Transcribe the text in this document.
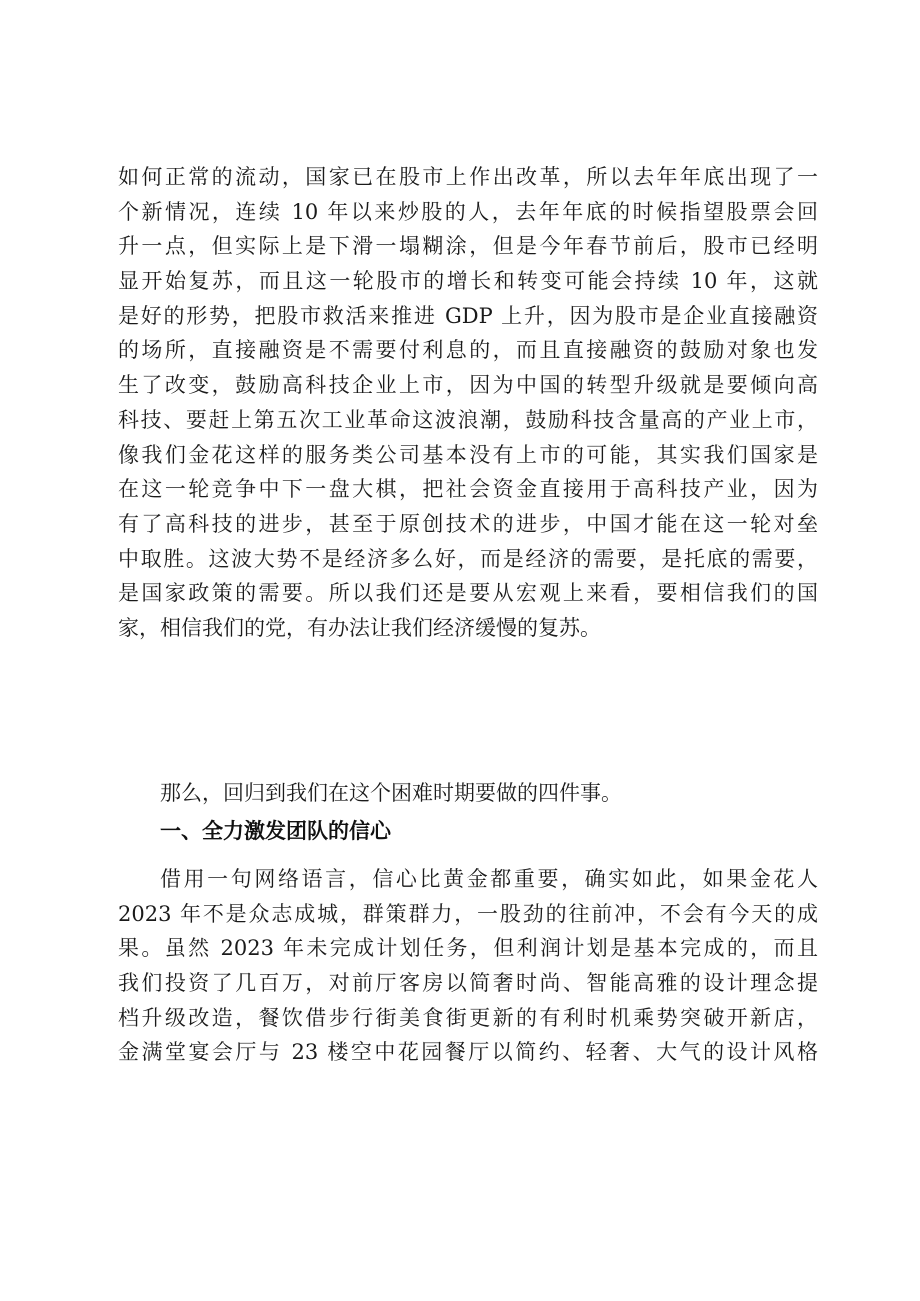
如何正常的流动，国家已在股市上作出改革，所以去年年底出现了一
个新情况，连续 10 年以来炒股的人，去年年底的时候指望股票会回
升一点，但实际上是下滑一塌糊涂，但是今年春节前后，股市已经明
显开始复苏，而且这一轮股市的增长和转变可能会持续 10 年，这就
是好的形势，把股市救活来推进 GDP 上升，因为股市是企业直接融资
的场所，直接融资是不需要付利息的，而且直接融资的鼓励对象也发
生了改变，鼓励高科技企业上市，因为中国的转型升级就是要倾向高
科技、要赶上第五次工业革命这波浪潮，鼓励科技含量高的产业上市，
像我们金花这样的服务类公司基本没有上市的可能，其实我们国家是
在这一轮竞争中下一盘大棋，把社会资金直接用于高科技产业，因为
有了高科技的进步，甚至于原创技术的进步，中国才能在这一轮对垒
中取胜。这波大势不是经济多么好，而是经济的需要，是托底的需要，
是国家政策的需要。所以我们还是要从宏观上来看，要相信我们的国
家，相信我们的党，有办法让我们经济缓慢的复苏。
那么，回归到我们在这个困难时期要做的四件事。
一、全力激发团队的信心
借用一句网络语言，信心比黄金都重要，确实如此，如果金花人
2023 年不是众志成城，群策群力，一股劲的往前冲，不会有今天的成
果。虽然 2023 年未完成计划任务，但利润计划是基本完成的，而且
我们投资了几百万，对前厅客房以简奢时尚、智能高雅的设计理念提
档升级改造，餐饮借步行街美食街更新的有利时机乘势突破开新店，
金满堂宴会厅与 23 楼空中花园餐厅以简约、轻奢、大气的设计风格
